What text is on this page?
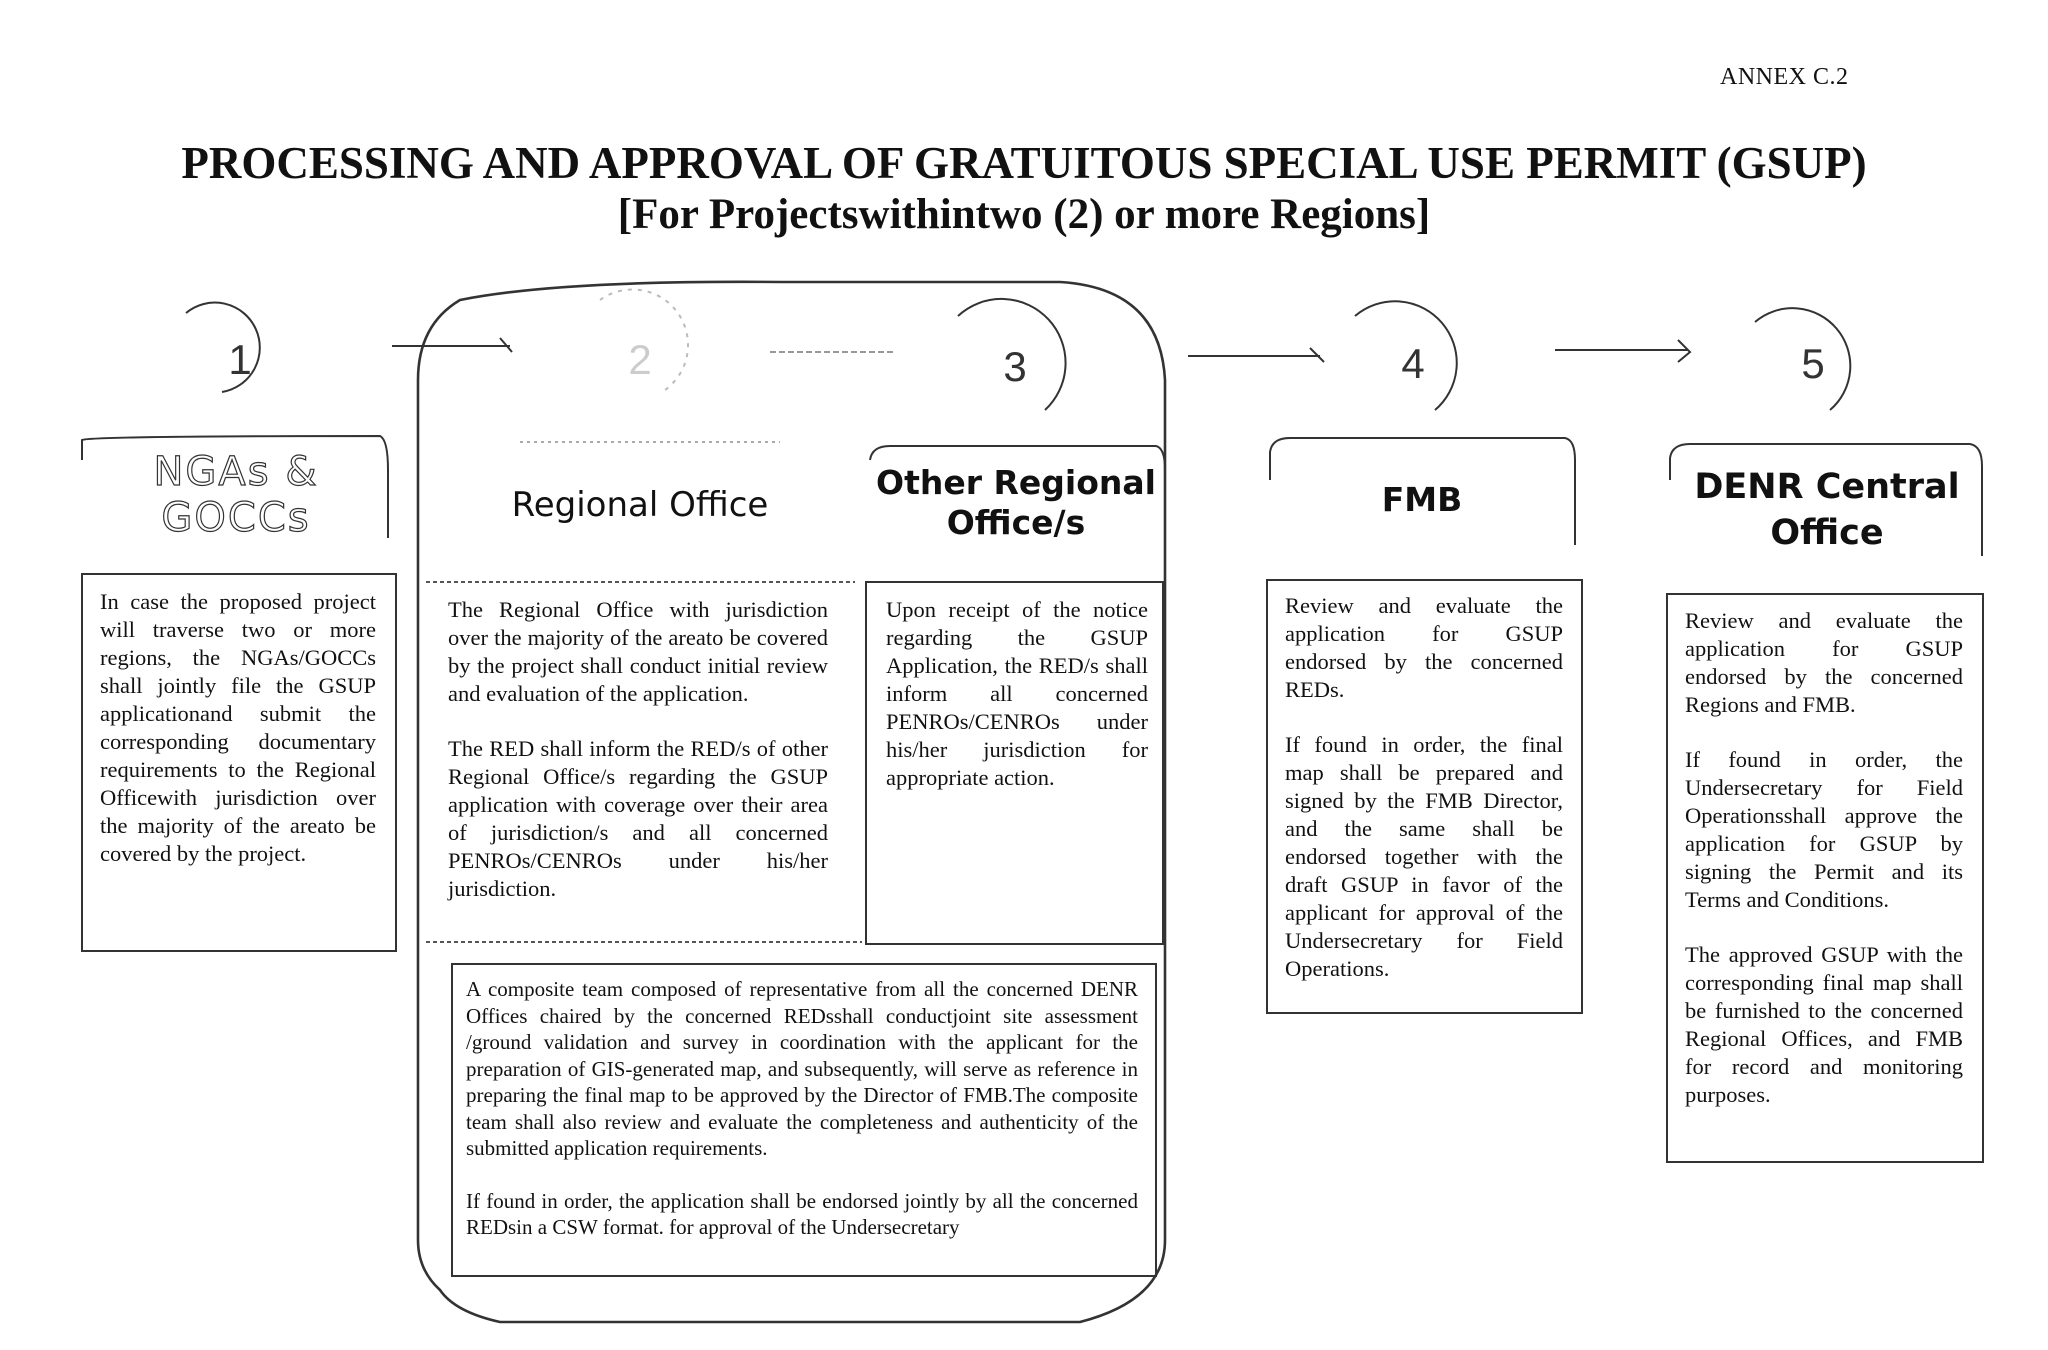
ANNEX C.2
PROCESSING AND APPROVAL OF GRATUITOUS SPECIAL USE PERMIT (GSUP)
[For Projectswithintwo (2) or more Regions]
1	2	3	4	5
NGAs &
GOCCs	Regional Office
Other Regional
Office/s
FMB	DENR Central
Office

In case the proposed project will traverse two or more regions, the NGAs/GOCCs shall jointly file the GSUP applicationand submit the corresponding documentary requirements to the Regional Officewith jurisdiction over the majority of the areato be covered by the project.

The Regional Office with jurisdiction over the majority of the areato be covered by the project shall conduct initial review and evaluation of the application.

The RED shall inform the RED/s of other Regional Office/s regarding the GSUP application with coverage over their area of jurisdiction/s and all concerned PENROs/CENROs under his/her jurisdiction.

Upon receipt of the notice regarding the GSUP Application, the RED/s shall inform all concerned PENROs/CENROs under his/her jurisdiction for appropriate action.

Review and evaluate the application for GSUP endorsed by the concerned REDs.

If found in order, the final map shall be prepared and signed by the FMB Director, and the same shall be endorsed together with the draft GSUP in favor of the applicant for approval of the Undersecretary for Field Operations.

Review and evaluate the application for GSUP endorsed by the concerned Regions and FMB.

If found in order, the Undersecretary for Field Operationsshall approve the application for GSUP by signing the Permit and its Terms and Conditions.

The approved GSUP with the corresponding final map shall be furnished to the concerned Regional Offices, and FMB for record and monitoring purposes.

A composite team composed of representative from all the concerned DENR Offices chaired by the concerned REDsshall conductjoint site assessment /ground validation and survey in coordination with the applicant for the preparation of GIS-generated map, and subsequently, will serve as reference in preparing the final map to be approved by the Director of FMB.The composite team shall also review and evaluate the completeness and authenticity of the submitted application requirements.

If found in order, the application shall be endorsed jointly by all the concerned REDsin a CSW format. for approval of the Undersecretary
